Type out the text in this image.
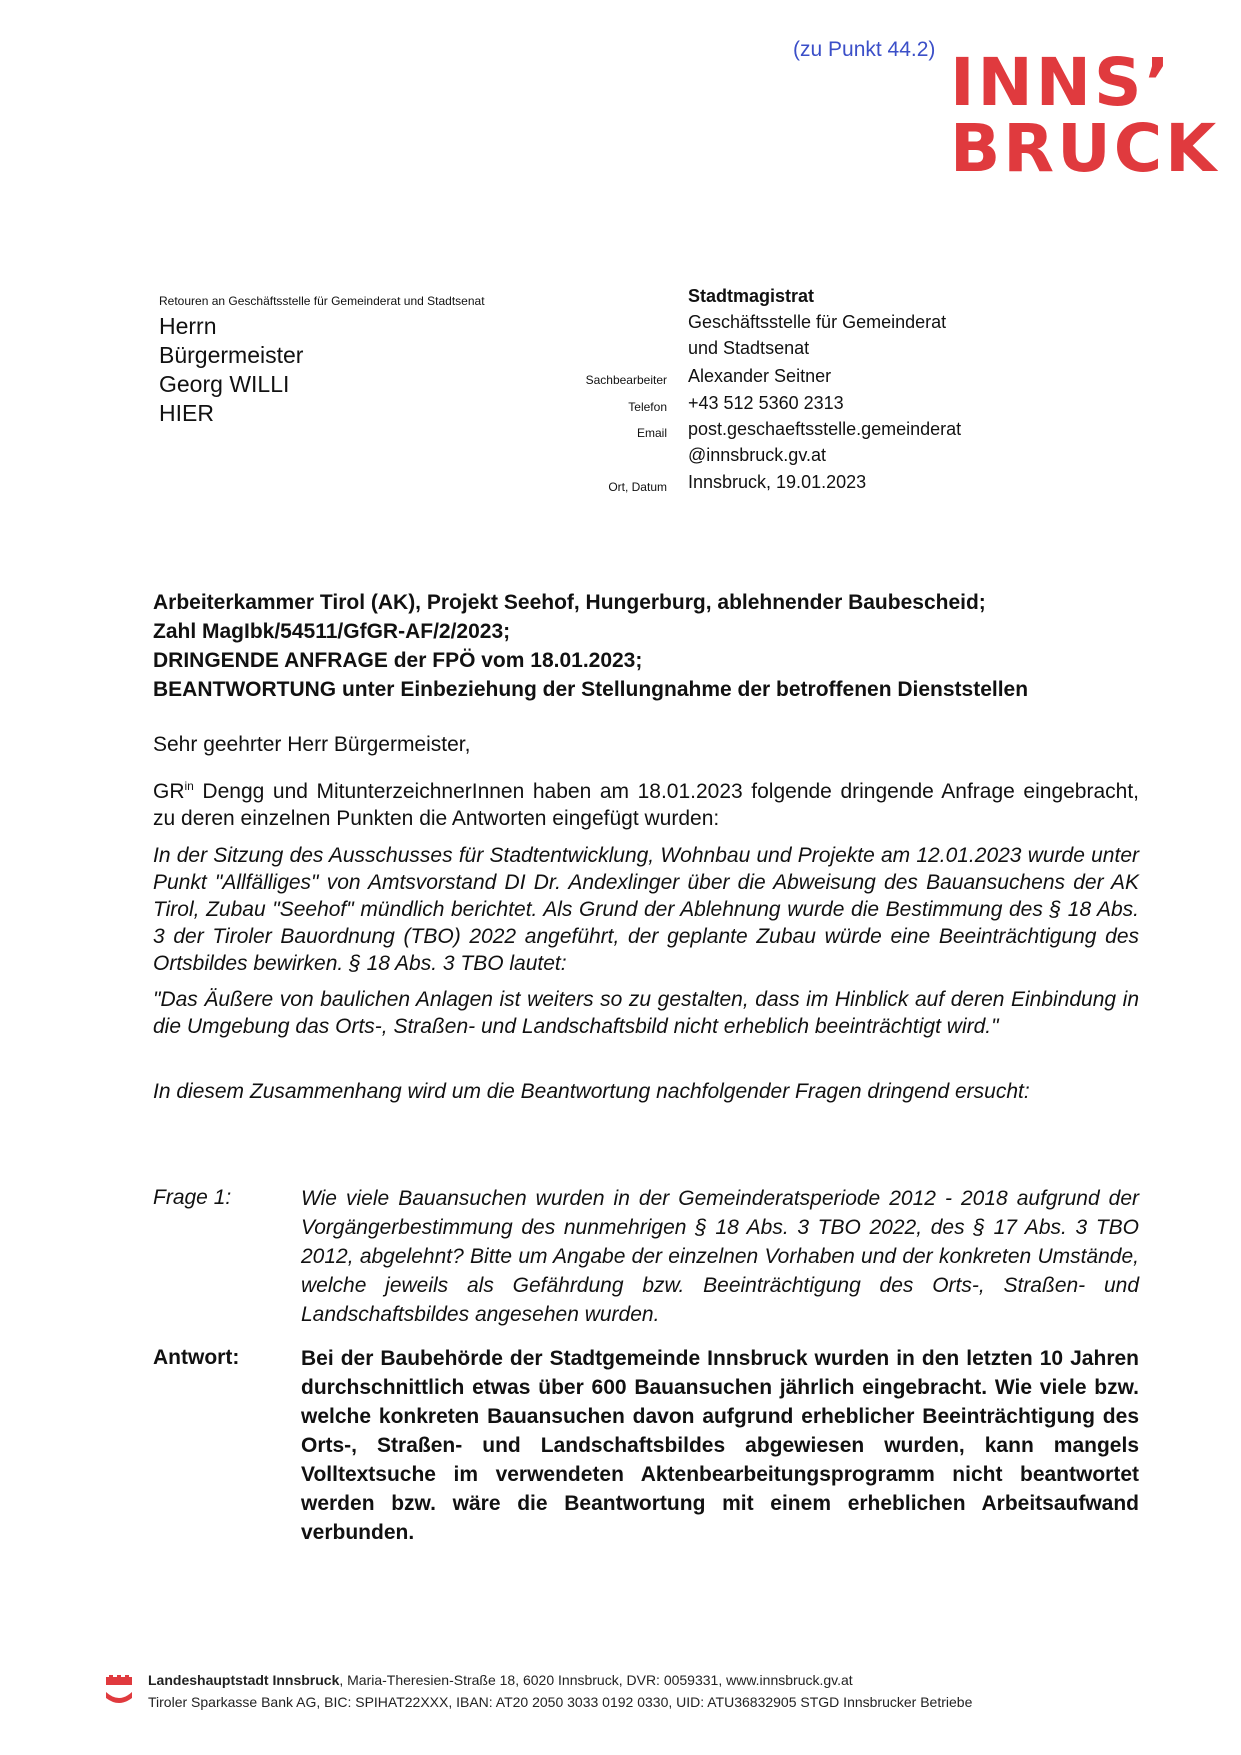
(zu Punkt 44.2) INNS’
BRUCK
Retouren an Geschäftsstelle für Gemeinderat und Stadtsenat
Herrn
Bürgermeister
Georg WILLI
HIER
Stadtmagistrat
Geschäftsstelle für Gemeinderat
und Stadtsenat
Sachbearbeiter Alexander Seitner
Telefon +43 512 5360 2313
Email post.geschaeftsstelle.gemeinderat
@innsbruck.gv.at
Ort, Datum Innsbruck, 19.01.2023
Arbeiterkammer Tirol (AK), Projekt Seehof, Hungerburg, ablehnender Baubescheid;
Zahl MagIbk/54511/GfGR-AF/2/2023;
DRINGENDE ANFRAGE der FPÖ vom 18.01.2023;
BEANTWORTUNG unter Einbeziehung der Stellungnahme der betroffenen Dienststellen
Sehr geehrter Herr Bürgermeister,
$GR^{in}$ Dengg und MitunterzeichnerInnen haben am 18.01.2023 folgende dringende Anfrage eingebracht, zu deren einzelnen Punkten die Antworten eingefügt wurden:
In der Sitzung des Ausschusses für Stadtentwicklung, Wohnbau und Projekte am 12.01.2023 wurde unter Punkt "Allfälliges" von Amtsvorstand DI Dr. Andexlinger über die Abweisung des Bauansuchens der AK Tirol, Zubau "Seehof" mündlich berichtet. Als Grund der Ablehnung wurde die Bestimmung des § 18 Abs. 3 der Tiroler Bauordnung (TBO) 2022 angeführt, der geplante Zubau würde eine Beeinträchtigung des Ortsbildes bewirken. § 18 Abs. 3 TBO lautet:
"Das Äußere von baulichen Anlagen ist weiters so zu gestalten, dass im Hinblick auf deren Einbindung in die Umgebung das Orts-, Straßen- und Landschaftsbild nicht erheblich beeinträchtigt wird."
In diesem Zusammenhang wird um die Beantwortung nachfolgender Fragen dringend ersucht:
Frage 1:	Wie viele Bauansuchen wurden in der Gemeinderatsperiode 2012 - 2018 aufgrund der Vorgängerbestimmung des nunmehrigen § 18 Abs. 3 TBO 2022, des § 17 Abs. 3 TBO 2012, abgelehnt? Bitte um Angabe der einzelnen Vorhaben und der konkreten Umstände, welche jeweils als Gefährdung bzw. Beeinträchtigung des Orts-, Straßen- und Landschaftsbildes angesehen wurden.
Antwort:	Bei der Baubehörde der Stadtgemeinde Innsbruck wurden in den letzten 10 Jahren durchschnittlich etwas über 600 Bauansuchen jährlich eingebracht. Wie viele bzw. welche konkreten Bauansuchen davon aufgrund erheblicher Beeinträchtigung des Orts-, Straßen- und Landschaftsbildes abgewiesen wurden, kann mangels Volltextsuche im verwendeten Aktenbearbeitungsprogramm nicht beantwortet werden bzw. wäre die Beantwortung mit einem erheblichen Arbeitsaufwand verbunden.
Landeshauptstadt Innsbruck, Maria-Theresien-Straße 18, 6020 Innsbruck, DVR: 0059331, www.innsbruck.gv.at
Tiroler Sparkasse Bank AG, BIC: SPIHAT22XXX, IBAN: AT20 2050 3033 0192 0330, UID: ATU36832905 STGD Innsbrucker Betriebe
